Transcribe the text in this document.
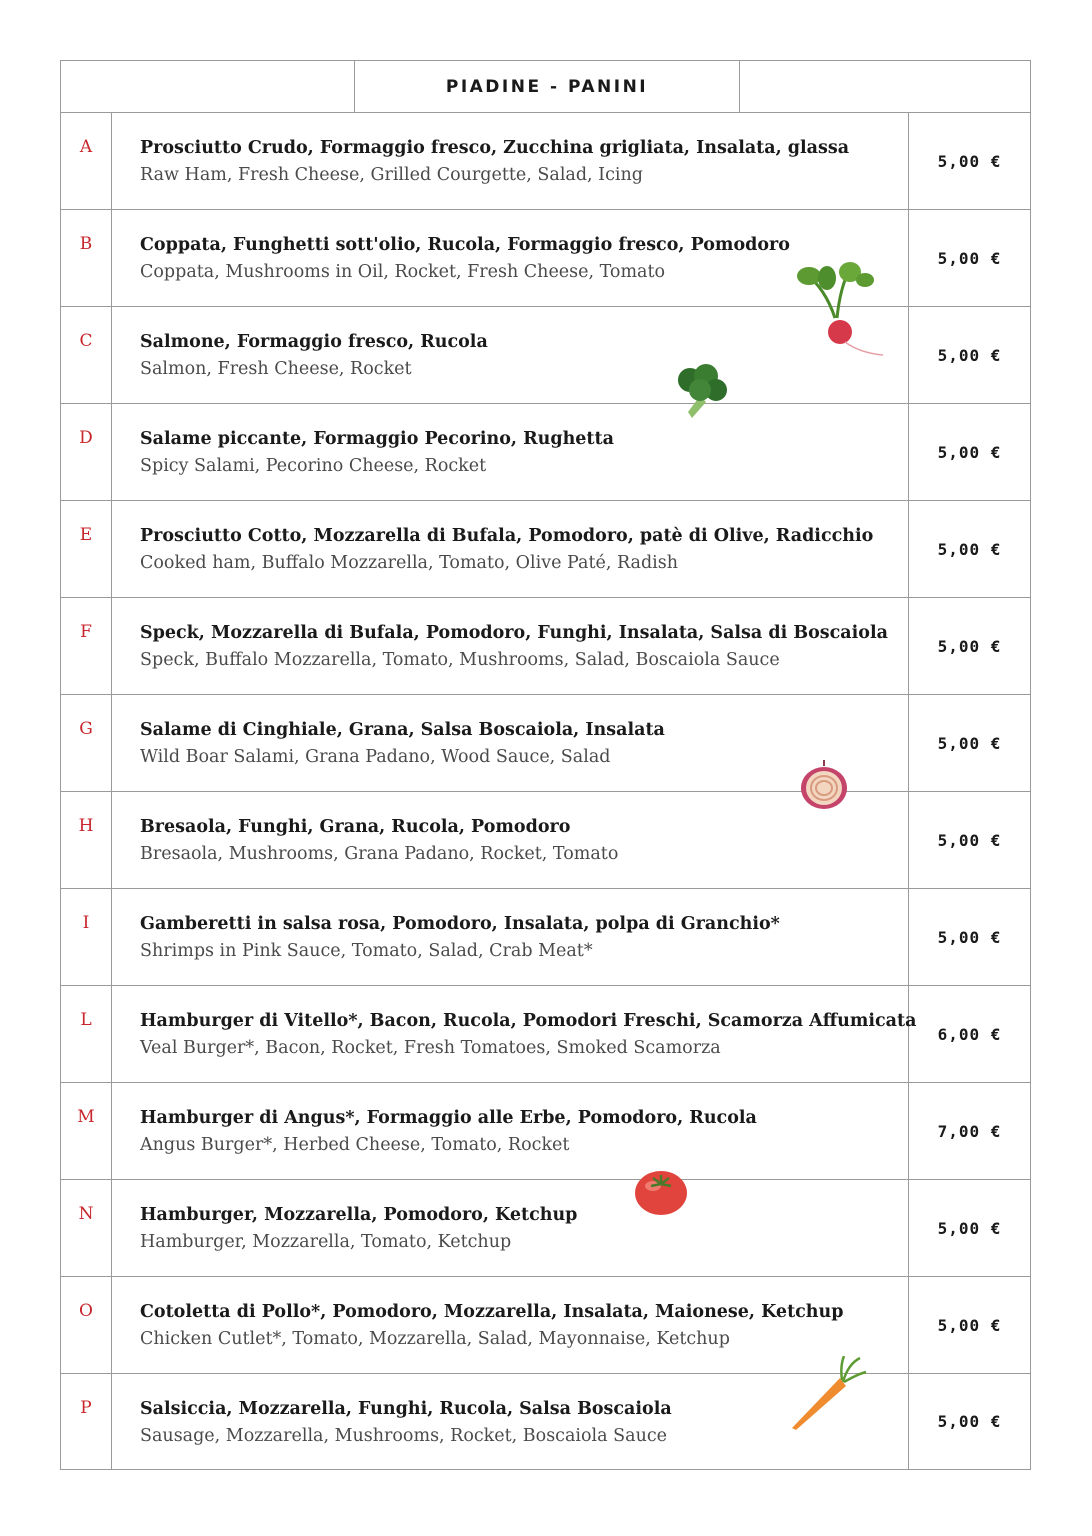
PIADINE - PANINI
A	Prosciutto Crudo, Formaggio fresco, Zucchina grigliata, Insalata, glassa
Raw Ham, Fresh Cheese, Grilled Courgette, Salad, Icing
5,00 €
B	Coppata, Funghetti sott'olio, Rucola, Formaggio fresco, Pomodoro
Coppata, Mushrooms in Oil, Rocket, Fresh Cheese, Tomato
5,00 €
C	Salmone, Formaggio fresco, Rucola
Salmon, Fresh Cheese, Rocket
5,00 €
D	Salame piccante, Formaggio Pecorino, Rughetta
Spicy Salami, Pecorino Cheese, Rocket
5,00 €
E	Prosciutto Cotto, Mozzarella di Bufala, Pomodoro, patè di Olive, Radicchio
Cooked ham, Buffalo Mozzarella, Tomato, Olive Paté, Radish
5,00 €
F	Speck, Mozzarella di Bufala, Pomodoro, Funghi, Insalata, Salsa di Boscaiola
Speck, Buffalo Mozzarella, Tomato, Mushrooms, Salad, Boscaiola Sauce
5,00 €
G	Salame di Cinghiale, Grana, Salsa Boscaiola, Insalata
Wild Boar Salami, Grana Padano, Wood Sauce, Salad
5,00 €
H	Bresaola, Funghi, Grana, Rucola, Pomodoro
Bresaola, Mushrooms, Grana Padano, Rocket, Tomato
5,00 €
I	Gamberetti in salsa rosa, Pomodoro, Insalata, polpa di Granchio*
Shrimps in Pink Sauce, Tomato, Salad, Crab Meat*
5,00 €
L	Hamburger di Vitello*, Bacon, Rucola, Pomodori Freschi, Scamorza Affumicata
Veal Burger*, Bacon, Rocket, Fresh Tomatoes, Smoked Scamorza
6,00 €
M	Hamburger di Angus*, Formaggio alle Erbe, Pomodoro, Rucola
Angus Burger*, Herbed Cheese, Tomato, Rocket
7,00 €
N	Hamburger, Mozzarella, Pomodoro, Ketchup
Hamburger, Mozzarella, Tomato, Ketchup
5,00 €
O	Cotoletta di Pollo*, Pomodoro, Mozzarella, Insalata, Maionese, Ketchup
Chicken Cutlet*, Tomato, Mozzarella, Salad, Mayonnaise, Ketchup
5,00 €
P	Salsiccia, Mozzarella, Funghi, Rucola, Salsa Boscaiola
Sausage, Mozzarella, Mushrooms, Rocket, Boscaiola Sauce
5,00 €
